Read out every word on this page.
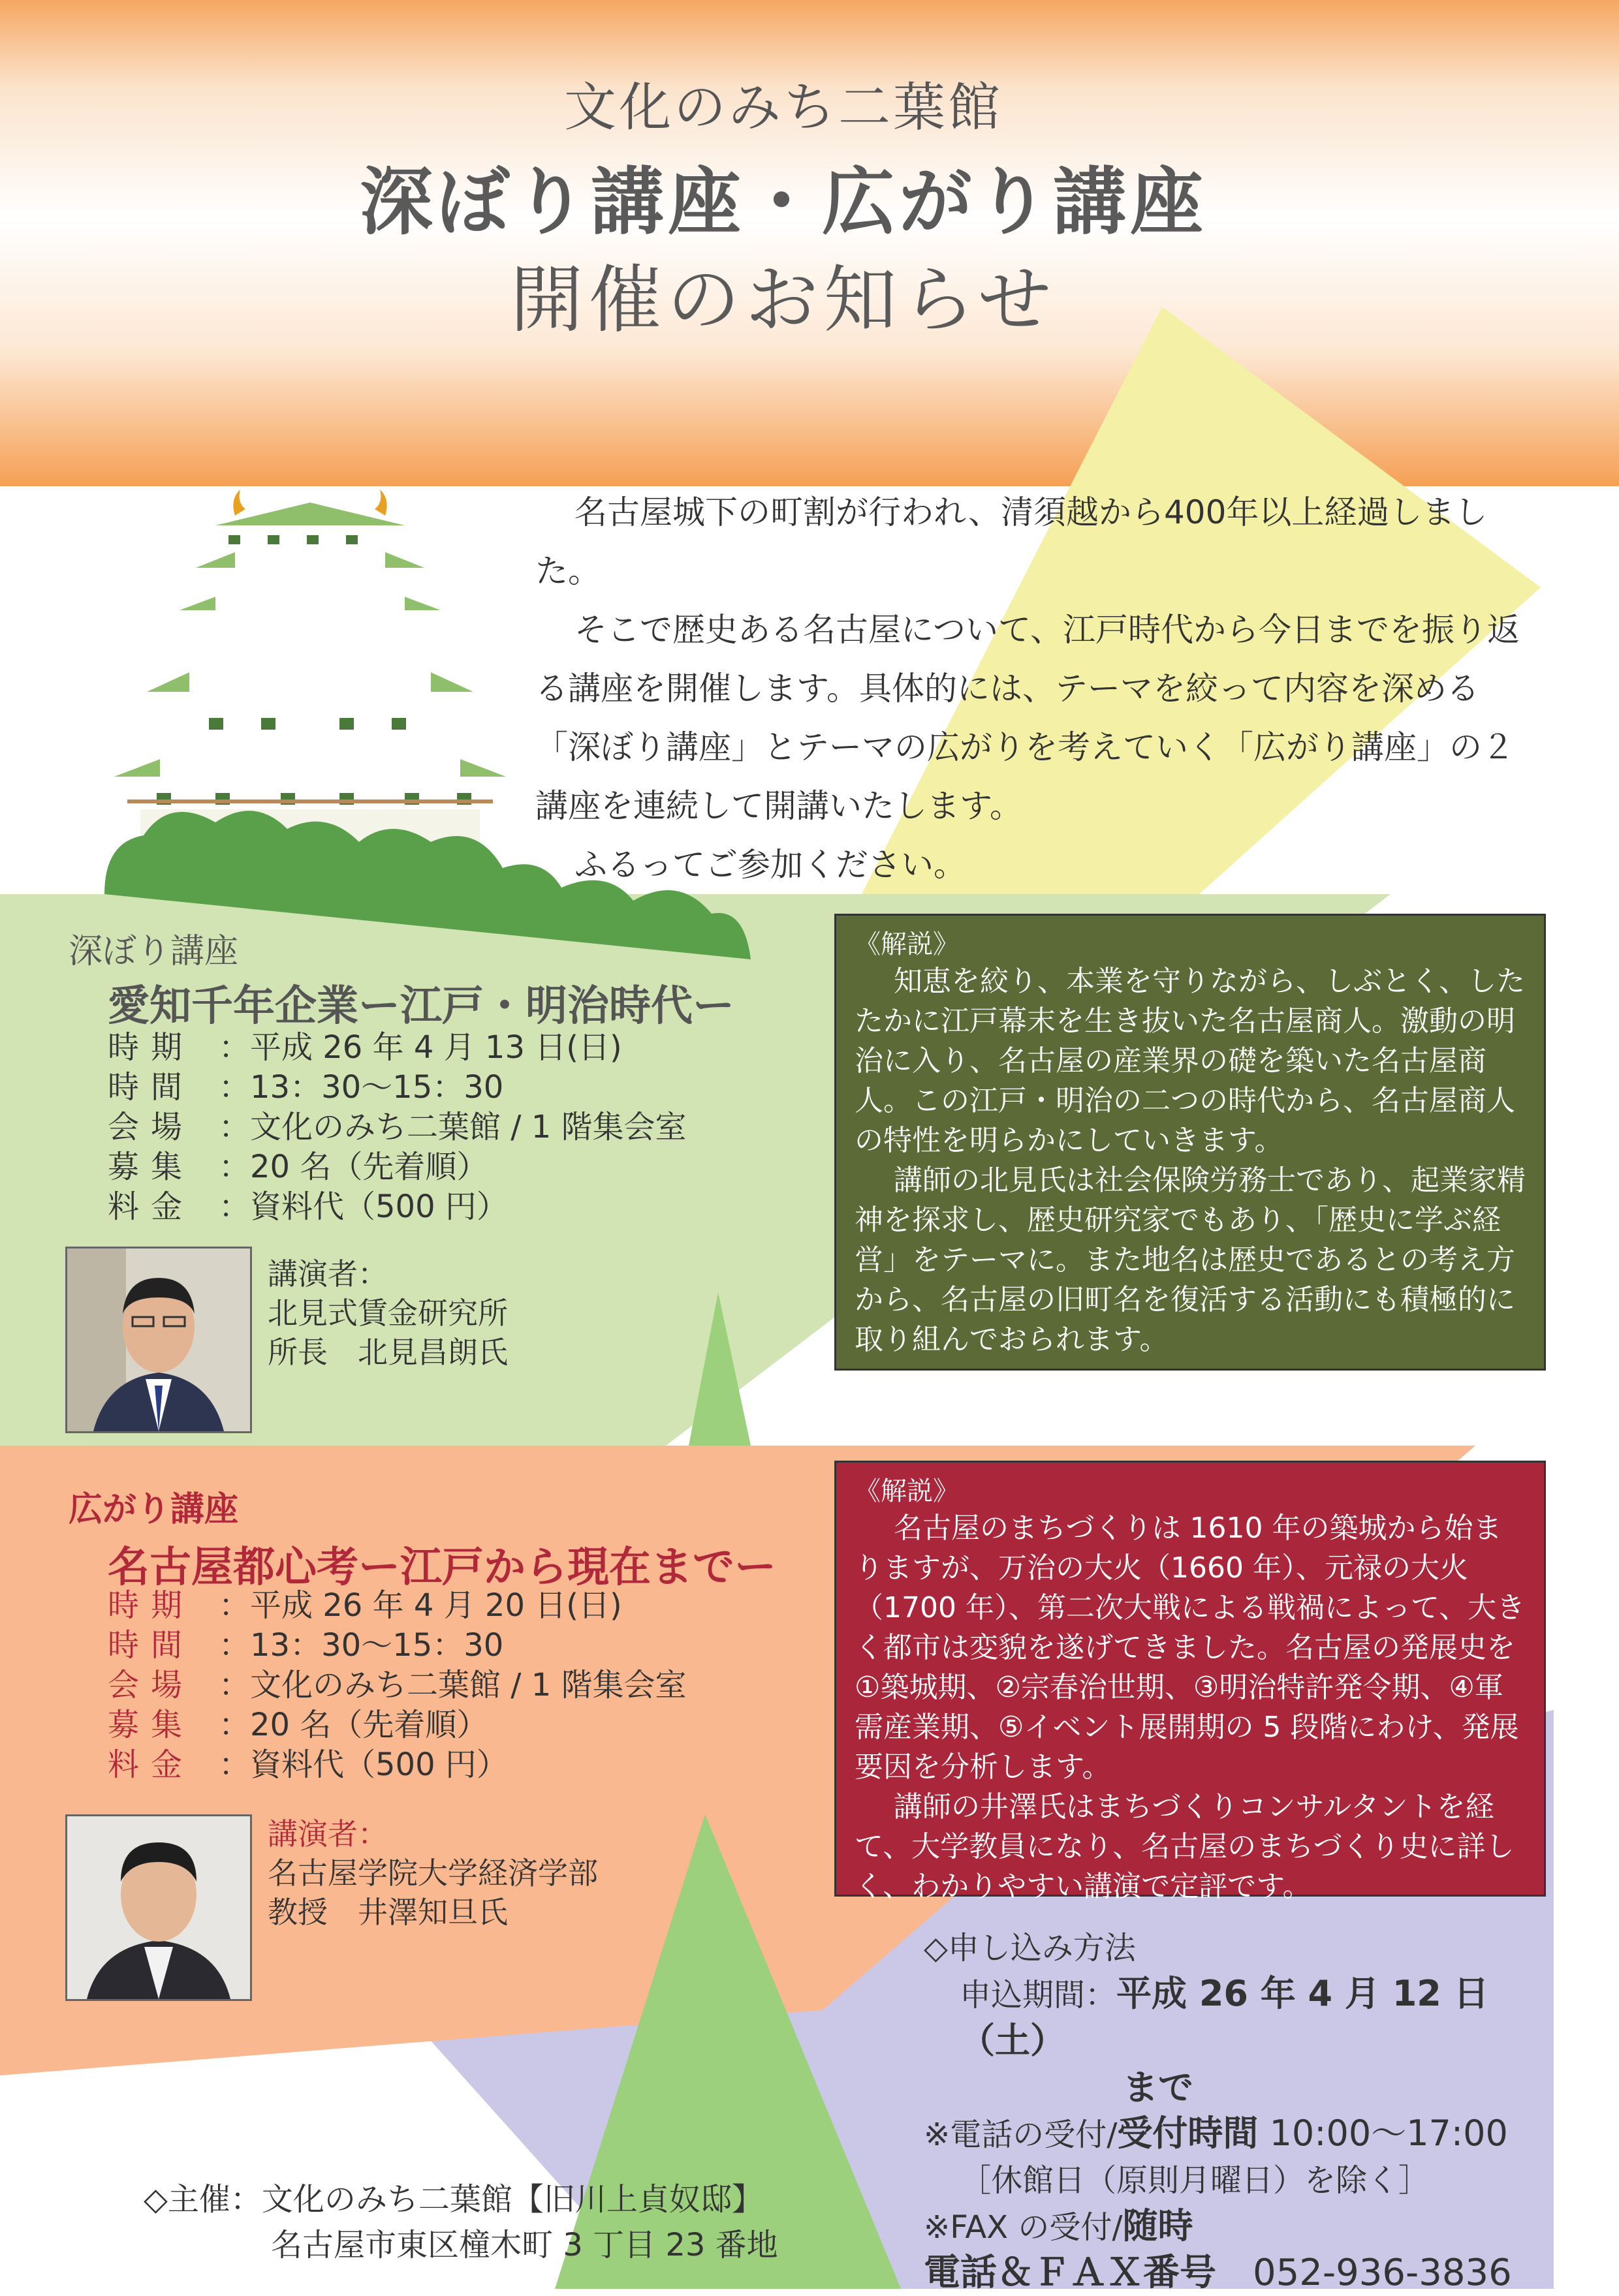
文化のみち二葉館
深ぼり講座・広がり講座
開催のお知らせ

名古屋城下の町割が行われ、清須越から400年以上経過しました。

そこで歴史ある名古屋について、江戸時代から今日までを振り返る講座を開催します。具体的には、テーマを絞って内容を深める「深ぼり講座」とテーマの広がりを考えていく「広がり講座」の２講座を連続して開講いたします。

ふるってご参加ください。

深ぼり講座
愛知千年企業ー江戸・明治時代ー
時期 ：平成 26 年 4 月 13 日(日)
時間 ：13：30〜15：30
会場 ：文化のみち二葉館 / 1 階集会室
募集 ：20 名（先着順）
料金 ：資料代（500 円）
講演者：
北見式賃金研究所
所長　北見昌朗氏

《解説》

知恵を絞り、本業を守りながら、しぶとく、したたかに江戸幕末を生き抜いた名古屋商人。激動の明治に入り、名古屋の産業界の礎を築いた名古屋商人。この江戸・明治の二つの時代から、名古屋商人の特性を明らかにしていきます。

講師の北見氏は社会保険労務士であり、起業家精神を探求し、歴史研究家でもあり、「歴史に学ぶ経営」をテーマに。また地名は歴史であるとの考え方から、名古屋の旧町名を復活する活動にも積極的に取り組んでおられます。

広がり講座
名古屋都心考ー江戸から現在までー
時期 ：平成 26 年 4 月 20 日(日)
時間 ：13：30〜15：30
会場 ：文化のみち二葉館 / 1 階集会室
募集 ：20 名（先着順）
料金 ：資料代（500 円）
講演者：
名古屋学院大学経済学部
教授　井澤知旦氏

《解説》

名古屋のまちづくりは 1610 年の築城から始まりますが、万治の大火（1660 年）、元禄の大火（1700 年）、第二次大戦による戦禍によって、大きく都市は変貌を遂げてきました。名古屋の発展史を①築城期、②宗春治世期、③明治特許発令期、④軍需産業期、⑤イベント展開期の 5 段階にわけ、発展要因を分析します。

講師の井澤氏はまちづくりコンサルタントを経て、大学教員になり、名古屋のまちづくり史に詳しく、わかりやすい講演で定評です。

◇申し込み方法
申込期間：平成 26 年 4 月 12 日（土）
まで
※電話の受付/受付時間 10:00〜17:00
［休館日（原則月曜日）を除く］
※FAX の受付/随時
電話＆ＦＡＸ番号　 052-936-3836
◇主催：文化のみち二葉館【旧川上貞奴邸】
名古屋市東区橦木町 3 丁目 23 番地
